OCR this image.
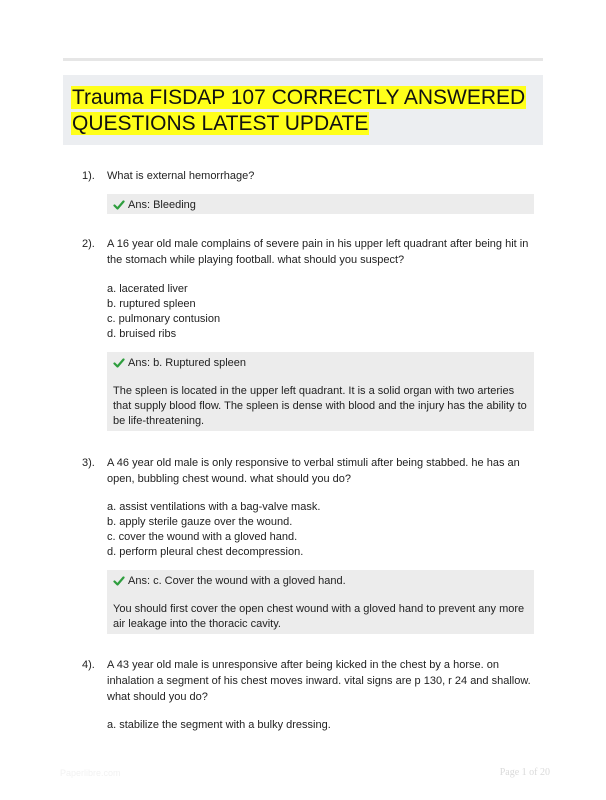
Trauma FISDAP 107 CORRECTLY ANSWERED QUESTIONS LATEST UPDATE
1). What is external hemorrhage?
Ans: Bleeding
2). A 16 year old male complains of severe pain in his upper left quadrant after being hit in the stomach while playing football. what should you suspect?
a. lacerated liver
b. ruptured spleen
c. pulmonary contusion
d. bruised ribs
Ans: b. Ruptured spleen
The spleen is located in the upper left quadrant. It is a solid organ with two arteries that supply blood flow. The spleen is dense with blood and the injury has the ability to be life-threatening.
3). A 46 year old male is only responsive to verbal stimuli after being stabbed. he has an open, bubbling chest wound. what should you do?
a. assist ventilations with a bag-valve mask.
b. apply sterile gauze over the wound.
c. cover the wound with a gloved hand.
d. perform pleural chest decompression.
Ans: c. Cover the wound with a gloved hand.
You should first cover the open chest wound with a gloved hand to prevent any more air leakage into the thoracic cavity.
4). A 43 year old male is unresponsive after being kicked in the chest by a horse. on inhalation a segment of his chest moves inward. vital signs are p 130, r 24 and shallow. what should you do?
a. stabilize the segment with a bulky dressing.
Paperlibre.com	Page 1 of 20
